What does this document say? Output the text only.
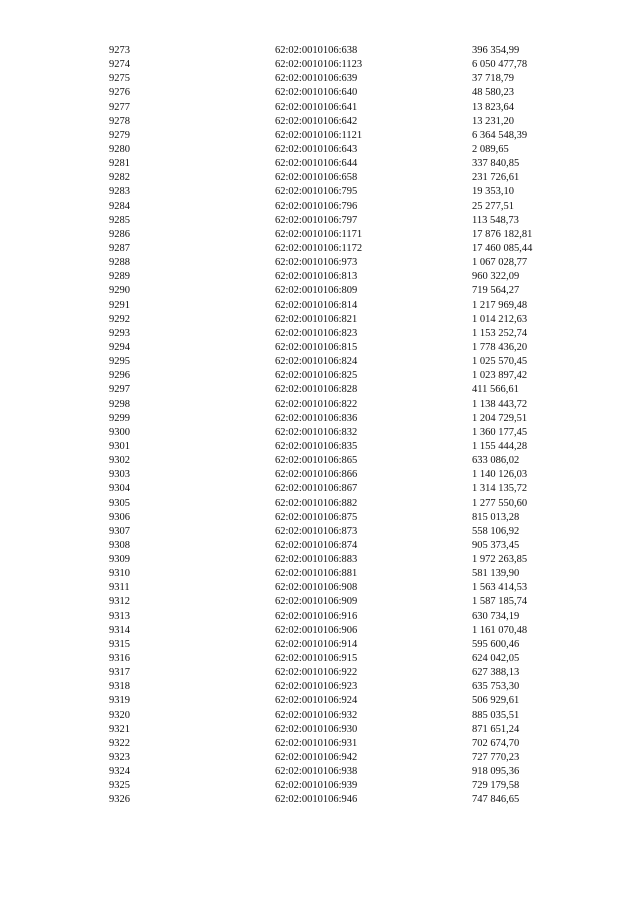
9273	62:02:0010106:638	396 354,99
9274	62:02:0010106:1123	6 050 477,78
9275	62:02:0010106:639	37 718,79
9276	62:02:0010106:640	48 580,23
9277	62:02:0010106:641	13 823,64
9278	62:02:0010106:642	13 231,20
9279	62:02:0010106:1121	6 364 548,39
9280	62:02:0010106:643	2 089,65
9281	62:02:0010106:644	337 840,85
9282	62:02:0010106:658	231 726,61
9283	62:02:0010106:795	19 353,10
9284	62:02:0010106:796	25 277,51
9285	62:02:0010106:797	113 548,73
9286	62:02:0010106:1171	17 876 182,81
9287	62:02:0010106:1172	17 460 085,44
9288	62:02:0010106:973	1 067 028,77
9289	62:02:0010106:813	960 322,09
9290	62:02:0010106:809	719 564,27
9291	62:02:0010106:814	1 217 969,48
9292	62:02:0010106:821	1 014 212,63
9293	62:02:0010106:823	1 153 252,74
9294	62:02:0010106:815	1 778 436,20
9295	62:02:0010106:824	1 025 570,45
9296	62:02:0010106:825	1 023 897,42
9297	62:02:0010106:828	411 566,61
9298	62:02:0010106:822	1 138 443,72
9299	62:02:0010106:836	1 204 729,51
9300	62:02:0010106:832	1 360 177,45
9301	62:02:0010106:835	1 155 444,28
9302	62:02:0010106:865	633 086,02
9303	62:02:0010106:866	1 140 126,03
9304	62:02:0010106:867	1 314 135,72
9305	62:02:0010106:882	1 277 550,60
9306	62:02:0010106:875	815 013,28
9307	62:02:0010106:873	558 106,92
9308	62:02:0010106:874	905 373,45
9309	62:02:0010106:883	1 972 263,85
9310	62:02:0010106:881	581 139,90
9311	62:02:0010106:908	1 563 414,53
9312	62:02:0010106:909	1 587 185,74
9313	62:02:0010106:916	630 734,19
9314	62:02:0010106:906	1 161 070,48
9315	62:02:0010106:914	595 600,46
9316	62:02:0010106:915	624 042,05
9317	62:02:0010106:922	627 388,13
9318	62:02:0010106:923	635 753,30
9319	62:02:0010106:924	506 929,61
9320	62:02:0010106:932	885 035,51
9321	62:02:0010106:930	871 651,24
9322	62:02:0010106:931	702 674,70
9323	62:02:0010106:942	727 770,23
9324	62:02:0010106:938	918 095,36
9325	62:02:0010106:939	729 179,58
9326	62:02:0010106:946	747 846,65
